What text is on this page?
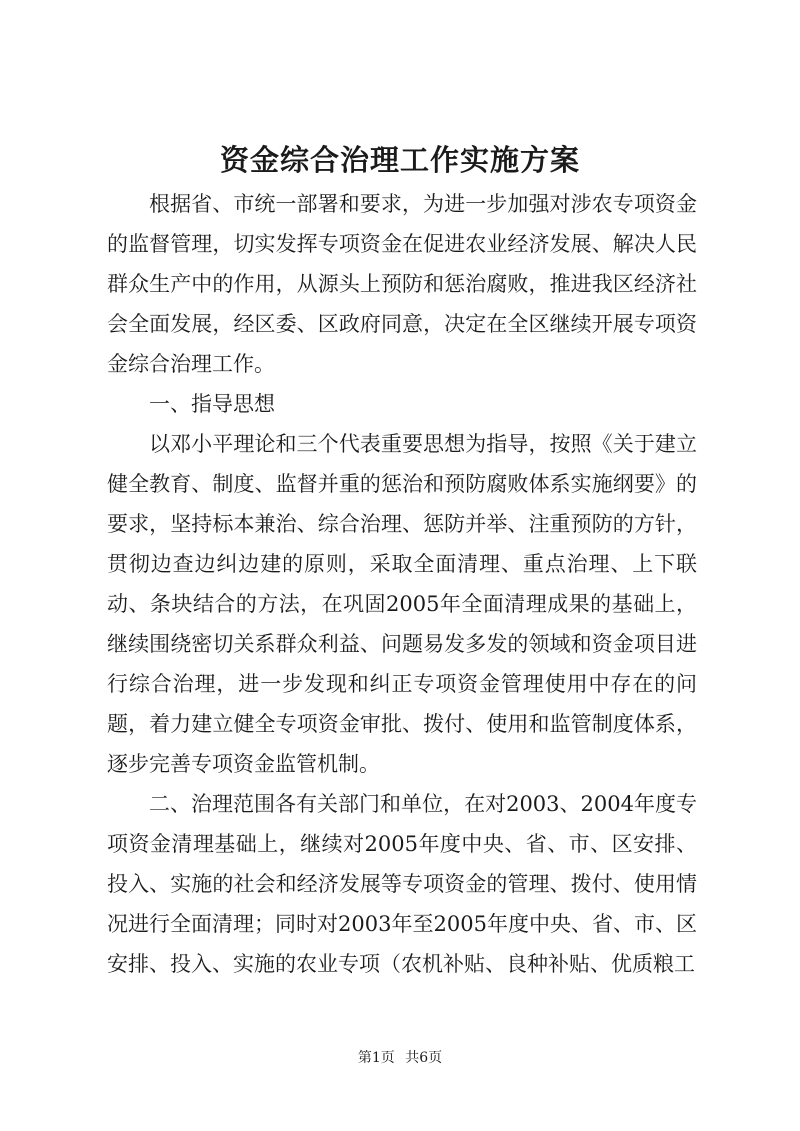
资金综合治理工作实施方案

根据省、市统一部署和要求，为进一步加强对涉农专项资金的监督管理，切实发挥专项资金在促进农业经济发展、解决人民群众生产中的作用，从源头上预防和惩治腐败，推进我区经济社会全面发展，经区委、区政府同意，决定在全区继续开展专项资金综合治理工作。

一、指导思想

以邓小平理论和三个代表重要思想为指导，按照《关于建立健全教育、制度、监督并重的惩治和预防腐败体系实施纲要》的要求，坚持标本兼治、综合治理、惩防并举、注重预防的方针，贯彻边查边纠边建的原则，采取全面清理、重点治理、上下联动、条块结合的方法，在巩固2005年全面清理成果的基础上，继续围绕密切关系群众利益、问题易发多发的领域和资金项目进行综合治理，进一步发现和纠正专项资金管理使用中存在的问题，着力建立健全专项资金审批、拨付、使用和监管制度体系，逐步完善专项资金监管机制。

二、治理范围各有关部门和单位，在对2003、2004年度专项资金清理基础上，继续对2005年度中央、省、市、区安排、投入、实施的社会和经济发展等专项资金的管理、拨付、使用情况进行全面清理；同时对2003年至2005年度中央、省、市、区安排、投入、实施的农业专项（农机补贴、良种补贴、优质粮工

第1页 共6页
